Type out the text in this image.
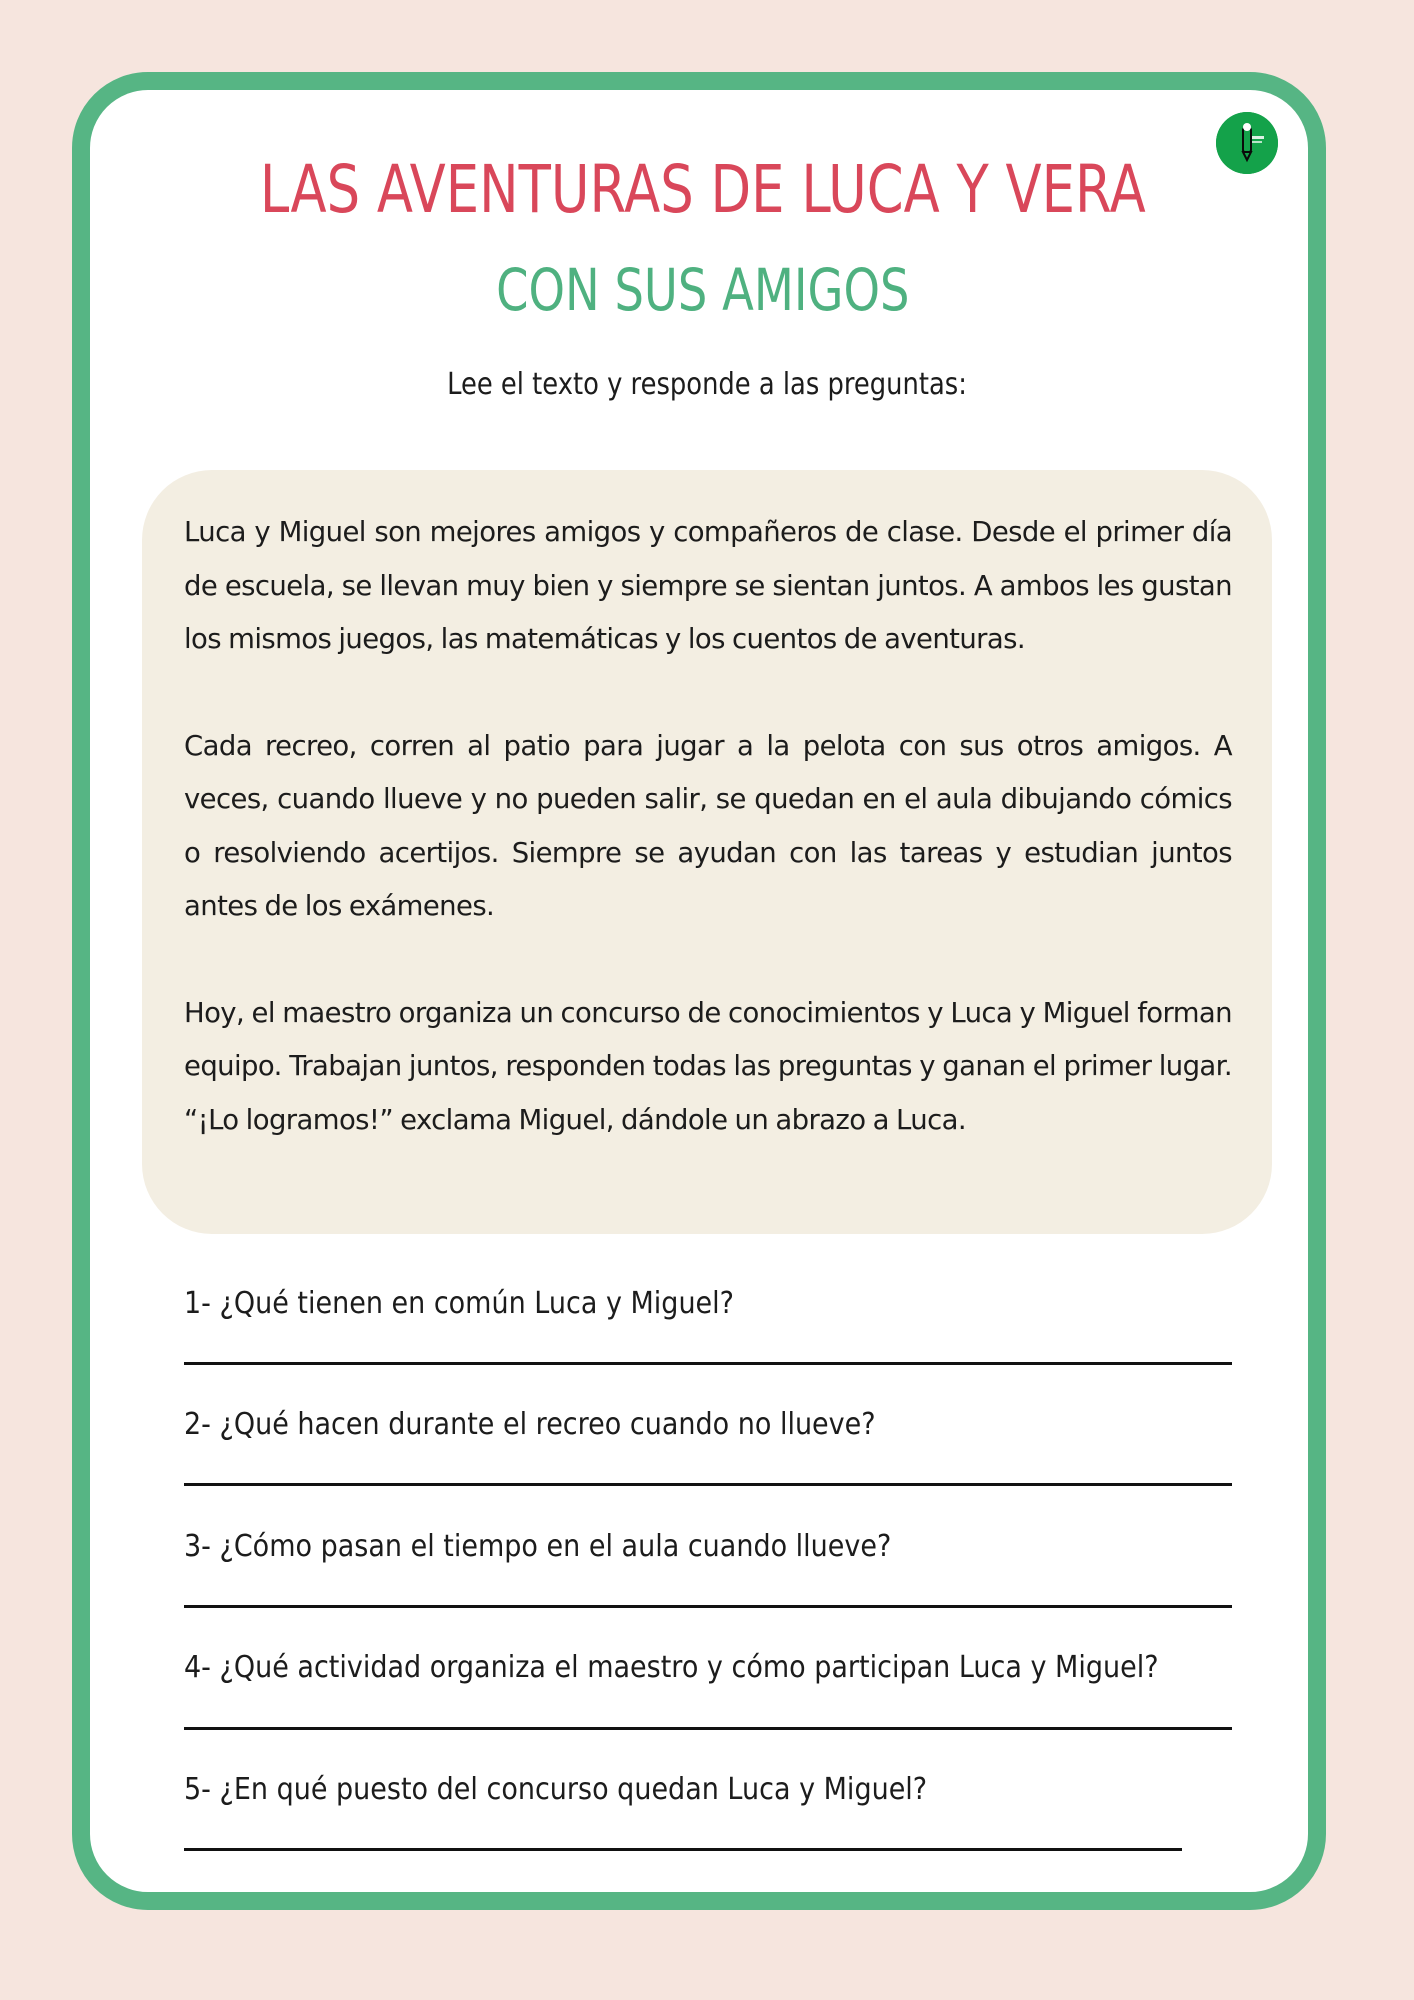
LAS AVENTURAS DE LUCA Y VERA
CON SUS AMIGOS
Lee el texto y responde a las preguntas:

Luca y Miguel son mejores amigos y compañeros de clase. Desde el primer día de escuela, se llevan muy bien y siempre se sientan juntos. A ambos les gustan los mismos juegos, las matemáticas y los cuentos de aventuras.

Cada recreo, corren al patio para jugar a la pelota con sus otros amigos. A veces, cuando llueve y no pueden salir, se quedan en el aula dibujando cómics o resolviendo acertijos. Siempre se ayudan con las tareas y estudian juntos antes de los exámenes.

Hoy, el maestro organiza un concurso de conocimientos y Luca y Miguel forman equipo. Trabajan juntos, responden todas las preguntas y ganan el primer lugar. “¡Lo logramos!” exclama Miguel, dándole un abrazo a Luca.

1- ¿Qué tienen en común Luca y Miguel?
2- ¿Qué hacen durante el recreo cuando no llueve?
3- ¿Cómo pasan el tiempo en el aula cuando llueve?
4- ¿Qué actividad organiza el maestro y cómo participan Luca y Miguel?
5- ¿En qué puesto del concurso quedan Luca y Miguel?
